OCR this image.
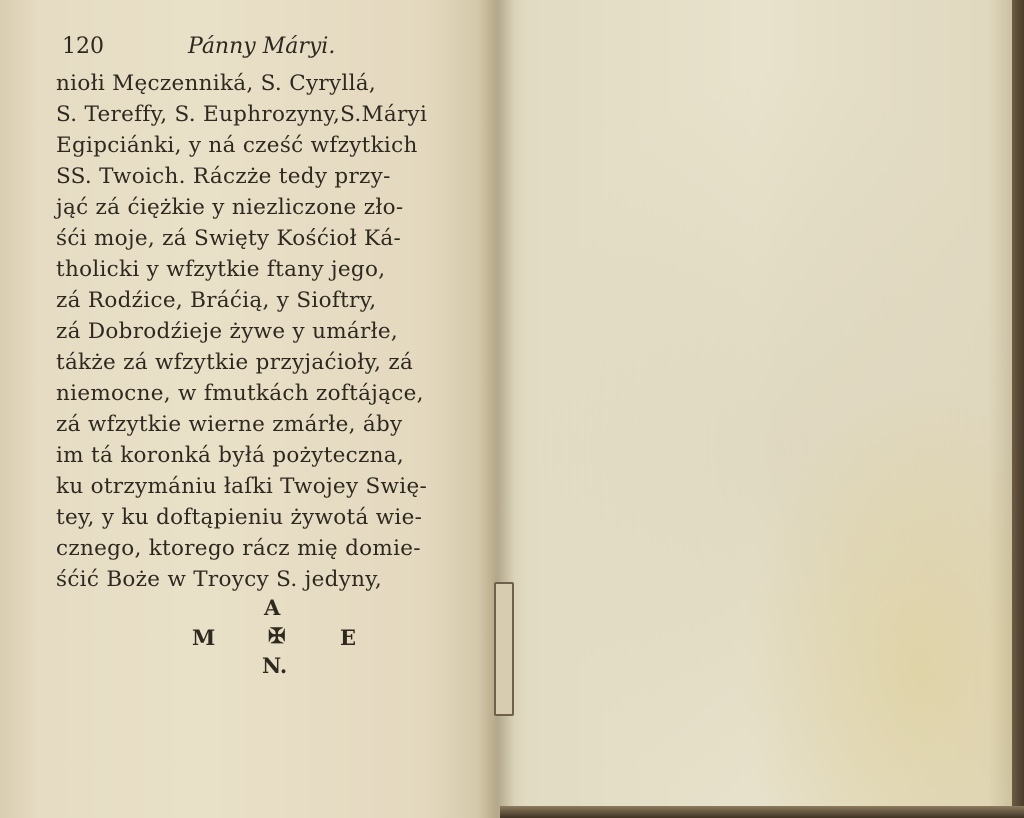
120	Pánny Máryi.
niołi Męczenniká, S. Cyryllá,
S. Tereffy, S. Euphrozyny,S.Máryi
Egipciánki, y ná cześć wfzytkich
SS. Twoich. Ráczże tedy przy-
jąć zá ćiężkie y niezliczone zło-
śći moje, zá Swięty Kośćioł Ká-
tholicki y wfzytkie ftany jego,
zá Rodźice, Bráćią, y Sioftry,
zá Dobrodźieje żywe y umárłe,
tákże zá wfzytkie przyjaćioły, zá
niemocne, w fmutkách zoftájące,
zá wfzytkie wierne zmárłe, áby
im tá koronká byłá pożyteczna,
ku otrzymániu łaſki Twojey Swię-
tey, y ku doftąpieniu żywotá wie-
cznego, ktorego rácz mię domie-
śćić Boże w Troycy S. jedyny,
A
M	✠	E
N.
